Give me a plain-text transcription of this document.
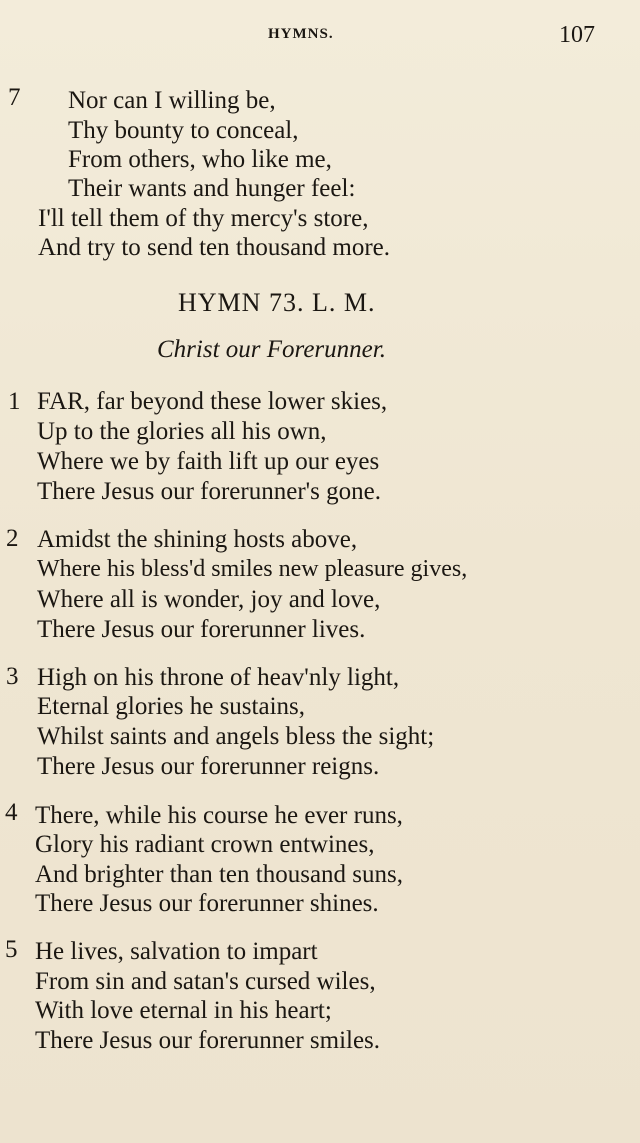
HYMNS.	107
7 Nor can I willing be,
Thy bounty to conceal,
From others, who like me,
Their wants and hunger feel:
I'll tell them of thy mercy's store,
And try to send ten thousand more.
HYMN 73. L. M.
Christ our Forerunner.
1 FAR, far beyond these lower skies,
Up to the glories all his own,
Where we by faith lift up our eyes
There Jesus our forerunner's gone.
2 Amidst the shining hosts above,
Where his bless'd smiles new pleasure gives,
Where all is wonder, joy and love,
There Jesus our forerunner lives.
3 High on his throne of heav'nly light,
Eternal glories he sustains,
Whilst saints and angels bless the sight;
There Jesus our forerunner reigns.
4 There, while his course he ever runs,
Glory his radiant crown entwines,
And brighter than ten thousand suns,
There Jesus our forerunner shines.
5 He lives, salvation to impart
From sin and satan's cursed wiles,
With love eternal in his heart;
There Jesus our forerunner smiles.
